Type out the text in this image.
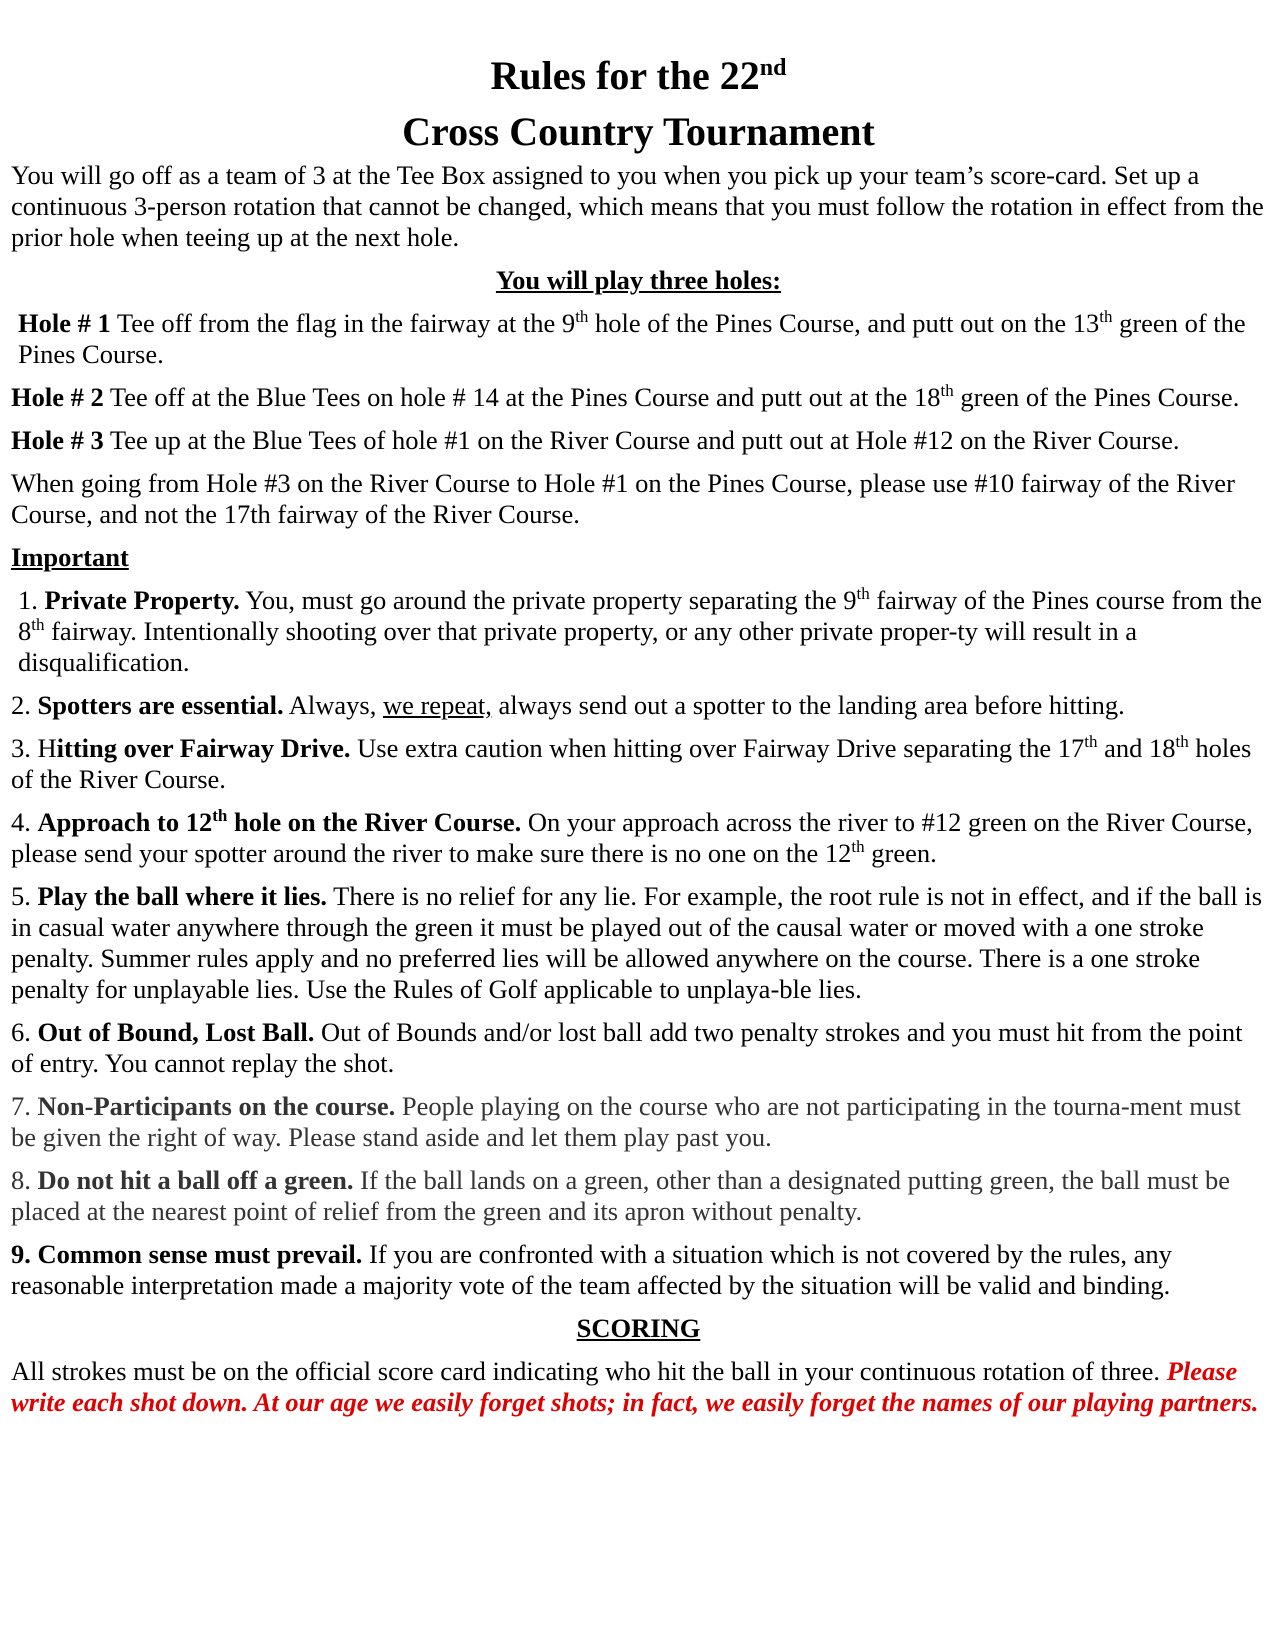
Rules for the 22nd
Cross Country Tournament

You will go off as a team of 3 at the Tee Box assigned to you when you pick up your team’s score-card. Set up a continuous 3-person rotation that cannot be changed, which means that you must follow the rotation in effect from the prior hole when teeing up at the next hole.

You will play three holes:

Hole # 1 Tee off from the flag in the fairway at the 9th hole of the Pines Course, and putt out on the 13th green of the Pines Course.

Hole # 2 Tee off at the Blue Tees on hole # 14 at the Pines Course and putt out at the 18th green of the Pines Course.

Hole # 3 Tee up at the Blue Tees of hole #1 on the River Course and putt out at Hole #12 on the River Course.

When going from Hole #3 on the River Course to Hole #1 on the Pines Course, please use #10 fairway of the River Course, and not the 17th fairway of the River Course.

Important

1. Private Property. You, must go around the private property separating the 9th fairway of the Pines course from the 8th fairway. Intentionally shooting over that private property, or any other private proper-ty will result in a disqualification.

2. Spotters are essential. Always, we repeat, always send out a spotter to the landing area before hitting.

3. Hitting over Fairway Drive. Use extra caution when hitting over Fairway Drive separating the 17th and 18th holes of the River Course.

4. Approach to 12th hole on the River Course. On your approach across the river to #12 green on the River Course, please send your spotter around the river to make sure there is no one on the 12th green.

5. Play the ball where it lies. There is no relief for any lie. For example, the root rule is not in effect, and if the ball is in casual water anywhere through the green it must be played out of the causal water or moved with a one stroke penalty. Summer rules apply and no preferred lies will be allowed anywhere on the course. There is a one stroke penalty for unplayable lies. Use the Rules of Golf applicable to unplaya-ble lies.

6. Out of Bound, Lost Ball. Out of Bounds and/or lost ball add two penalty strokes and you must hit from the point of entry. You cannot replay the shot.

7. Non-Participants on the course. People playing on the course who are not participating in the tourna-ment must be given the right of way. Please stand aside and let them play past you.

8. Do not hit a ball off a green. If the ball lands on a green, other than a designated putting green, the ball must be placed at the nearest point of relief from the green and its apron without penalty.

9. Common sense must prevail. If you are confronted with a situation which is not covered by the rules, any reasonable interpretation made a majority vote of the team affected by the situation will be valid and binding.

SCORING

All strokes must be on the official score card indicating who hit the ball in your continuous rotation of three. Please write each shot down. At our age we easily forget shots; in fact, we easily forget the names of our playing partners.
